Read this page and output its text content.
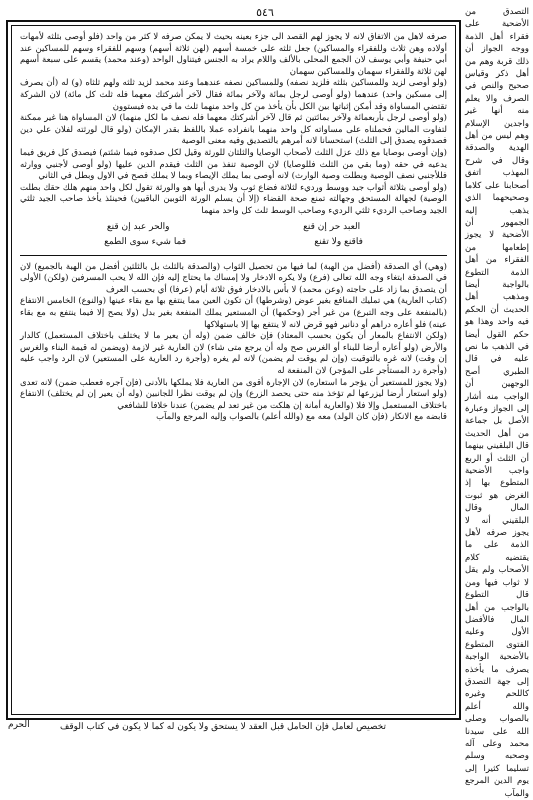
٥٤٦

صرفه لاهل من الاتفاق لانه لا يجوز لهم القصد الى جزء بعينه بحيث لا يمكن صرفه لا كثر من واحد (فلو أوصى بثلثه لأمهات أولاده وهن ثلاث وللفقراء والمساكين) جعل ثلثه على خمسة أسهم (لهن ثلاثة أسهم) وسهم للفقراء وسهم للمساكين عند أبي حنيفة وأبي يوسف لان الجمع المحلى بالألف واللام يراد به الجنس فيتناول الواحد (وعند محمد) يقسم على سبعة أسهم لهن ثلاثة وللفقراء سهمان وللمساكين سهمان

(ولو أوصى لزيد وللمساكين بثلثه فلزيد نصفه) وللمساكين نصفه عندهما وعند محمد لزيد ثلثه ولهم ثلثاه (و) له (أن يصرف إلى مسكين واحد) عندهما (ولو أوصى لرجل بمائة ولآخر بمائة فقال لآخر أشركتك معهما فله ثلث كل مائة) لان الشركة تقتضي المساواة وقد أمكن إثباتها بين الكل بأن يأخذ من كل واحد منهما ثلث ما في يده فيستوون

(ولو أوصى لرجل بأربعمائة ولآخر بمائتين ثم قال لآخر أشركتك معهما فله نصف ما لكل منهما) لان المساواة هنا غير ممكنة لتفاوت المالين فحملناه على مساواته كل واحد منهما بانفراده عملا باللفظ بقدر الإمكان (ولو قال لورثته لفلان علي دين فصدقوه يصدق إلى الثلث) استحسانا لانه أمرهم بالتصديق وفيه معنى الوصية

(وإن أوصى بوصايا مع ذلك عزل الثلث لأصحاب الوصايا والثلثان للورثة وقيل لكل صدقوه فيما شئتم) فيصدق كل فريق فيما يدعيه في حقه (وما بقي من الثلث فللوصايا) لان الوصية تنفذ من الثلث فيقدم الدين عليها (ولو أوصى لأجنبي ووارثه فللأجنبي نصف الوصية وبطلت وصية الوارث) لانه أوصى بما يملك الإيصاء وبما لا يملك فصح في الاول وبطل في الثاني

(ولو أوصى بثلاثة أثواب جيد ووسط ورديء لثلاثة فضاع ثوب ولا يدرى أيها هو والورثة تقول لكل واحد منهم هلك حقك بطلت الوصية) لجهالة المستحق وجهالته تمنع صحة القضاء (إلا أن يسلم الورثة الثوبين الباقيين) فحينئذ يأخذ صاحب الجيد ثلثي الجيد وصاحب الرديء ثلثي الرديء وصاحب الوسط ثلث كل واحد منهما

العبد حر إن قنع
والحر عبد إن قنع
فاقنع ولا تقنع
فما شيء سوى الطمع

(وهي) أي الصدقة (أفضل من الهبة) لما فيها من تحصيل الثواب (والصدقة بالثلث بل بالثلثين أفضل من الهبة بالجميع) لان في الصدقة ابتغاء وجه الله تعالى (فرع) ولا يكره الادخار ولا إمساك ما يحتاج إليه فإن الله لا يحب المسرفين (ولكن) الأولى أن يتصدق بما زاد على حاجته (وعن محمد) لا بأس بالادخار فوق ثلاثة أيام (عرفا) أي بحسب العرف

(كتاب العارية) هي تمليك المنافع بغير عوض (وشرطها) أن تكون العين مما ينتفع بها مع بقاء عينها (والنوع) الخامس الانتفاع (بالمنفعة على وجه التبرع) من غير أجر (وحكمها) أن المستعير يملك المنفعة بغير بدل (ولا يصح إلا فيما ينتفع به مع بقاء عينه) فلو أعاره دراهم أو دنانير فهو قرض لانه لا ينتفع بها إلا باستهلاكها

(ولكن الانتفاع بالمعار أن يكون بحسب المعتاد) فإن خالف ضمن (وله أن يعير ما لا يختلف باختلاف المستعمل) كالدار والأرض (ولو أعاره أرضا للبناء أو الغرس صح وله أن يرجع متى شاء) لان العارية غير لازمة (ويضمن له قيمة البناء والغرس إن وقت) لانه غره بالتوقيت (وإن لم يوقت لم يضمن) لانه لم يغره (وأجرة رد العارية على المستعير) لان الرد واجب عليه (وأجرة رد المستأجر على المؤجر) لان المنفعة له

(ولا يجوز للمستعير أن يؤجر ما استعاره) لان الإجارة أقوى من العارية فلا يملكها بالأدنى (فإن آجره فعطب ضمن) لانه تعدى (ولو استعار أرضا ليزرعها لم تؤخذ منه حتى يحصد الزرع) وإن لم يوقت نظرا للجانبين (وله أن يعير إن لم يختلف) الانتفاع باختلاف المستعمل وإلا فلا (والعارية أمانة إن هلكت من غير تعد لم يضمن) عندنا خلافا للشافعي

قابضه مع الانكار (فإن كان الولد) معه مع (والله أعلم) بالصواب وإليه المرجع والمآب

التصدق من الأضحية على فقراء أهل الذمة ووجه الجواز أن ذلك قربة وهم من أهل ذكر وقياس صحيح والنص في الصرف والا يعلم منه أنها غير واجدين الإسلام وهم ليس من أهل الهدية والصدقة وقال في شرح المهذب اتفق أصحابنا على كلاما وصحيحهما الذي يذهب إليه الجمهور أن الأضحية لا يجوز إطعامها من الفقراء من أهل الذمة التطوع بالواجبة أيضا ومذهب أهل الحديث أن الحكم فيه واحد وهذا هو حكم القول أيضا في الذهب ما نص عليه في قال الطبري أصح الوجهين أن الواجب منه أشار إلى الجواز وعبارة الأصل بل جماعة من أهل الحديث قال البلقيني بينهما أن الثلث أو الربع واجب الأضحية المتطوع بها إذ الغرض هو ثبوت المال وقال البلقيني أنه لا يجوز صرفه لأهل الذمة على ما يقتضيه كلام الأصحاب ولم يقل لا ثواب فيها ومن قال التطوع بالواجب من أهل المال فالأفضل الأول وعليه الفتوى المتطوع بالأضحية الواجبة يصرف ما يأخذه إلى جهة التصدق كاللحم وغيره والله أعلم بالصواب وصلى الله على سيدنا محمد وعلى آله وصحبه وسلم تسليما كثيرا إلى يوم الدين المرجع والمآب

تخصيص لعامل فإن الحامل قبل العقد لا يستحق ولا يكون له كما لا يكون في كتاب الوقف
الحرم
